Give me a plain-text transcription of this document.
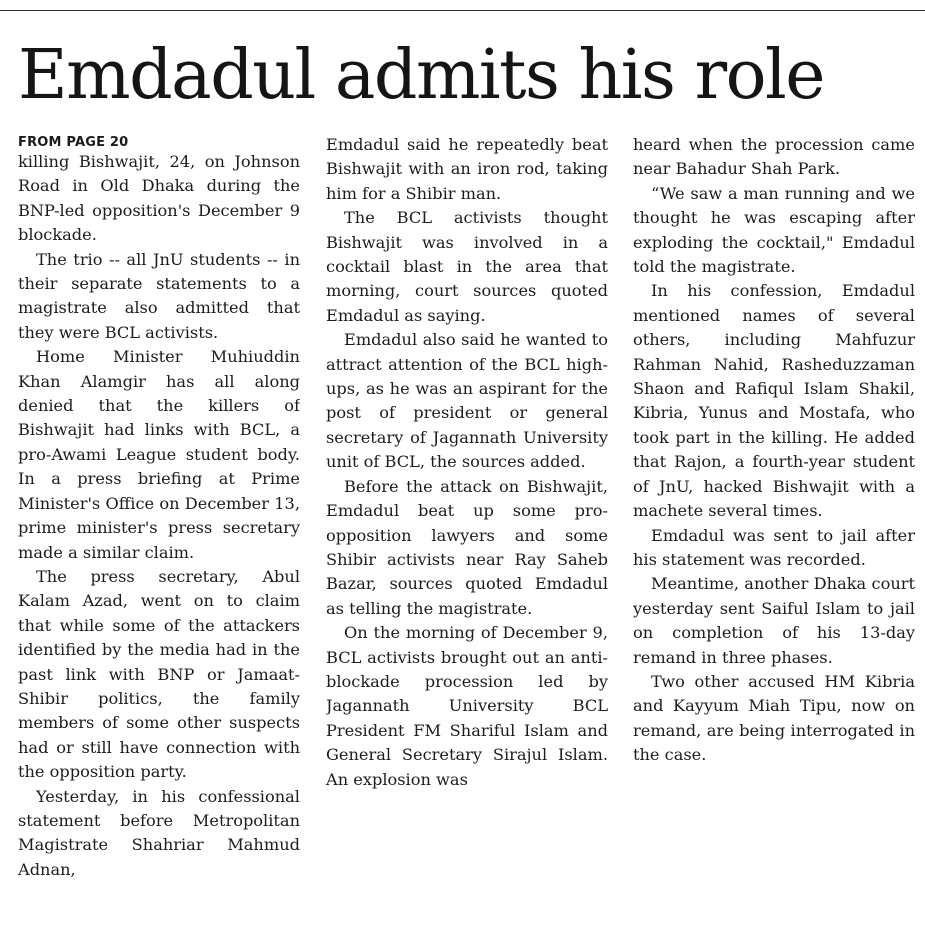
Emdadul admits his role
FROM PAGE 20

killing Bishwajit, 24, on Johnson Road in Old Dhaka during the BNP-led opposition's December 9 blockade.

The trio -- all JnU students -- in their separate statements to a magistrate also admitted that they were BCL activists.

Home Minister Muhiuddin Khan Alamgir has all along denied that the killers of Bishwajit had links with BCL, a pro-Awami League student body. In a press briefing at Prime Minister's Office on December 13, prime minister's press secretary made a similar claim.

The press secretary, Abul Kalam Azad, went on to claim that while some of the attackers identified by the media had in the past link with BNP or Jamaat-Shibir politics, the family members of some other suspects had or still have connection with the opposition party.

Yesterday, in his confessional statement before Metropolitan Magistrate Shahriar Mahmud Adnan,

Emdadul said he repeatedly beat Bishwajit with an iron rod, taking him for a Shibir man.

The BCL activists thought Bishwajit was involved in a cocktail blast in the area that morning, court sources quoted Emdadul as saying.

Emdadul also said he wanted to attract attention of the BCL high-ups, as he was an aspirant for the post of president or general secretary of Jagannath University unit of BCL, the sources added.

Before the attack on Bishwajit, Emdadul beat up some pro-opposition lawyers and some Shibir activists near Ray Saheb Bazar, sources quoted Emdadul as telling the magistrate.

On the morning of December 9, BCL activists brought out an anti-blockade procession led by Jagannath University BCL President FM Shariful Islam and General Secretary Sirajul Islam. An explosion was

heard when the procession came near Bahadur Shah Park.

“We saw a man running and we thought he was escaping after exploding the cocktail," Emdadul told the magistrate.

In his confession, Emdadul mentioned names of several others, including Mahfuzur Rahman Nahid, Rasheduzzaman Shaon and Rafiqul Islam Shakil, Kibria, Yunus and Mostafa, who took part in the killing. He added that Rajon, a fourth-year student of JnU, hacked Bishwajit with a machete several times.

Emdadul was sent to jail after his statement was recorded.

Meantime, another Dhaka court yesterday sent Saiful Islam to jail on completion of his 13-day remand in three phases.

Two other accused HM Kibria and Kayyum Miah Tipu, now on remand, are being interrogated in the case.
